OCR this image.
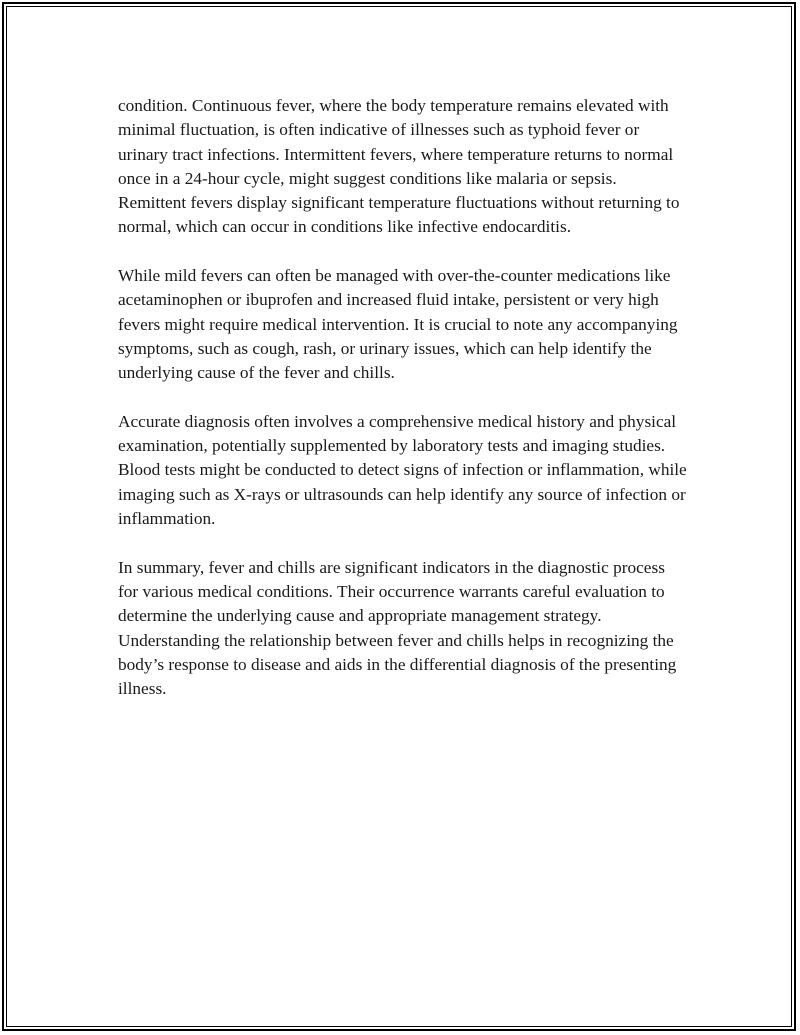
condition. Continuous fever, where the body temperature remains elevated with minimal fluctuation, is often indicative of illnesses such as typhoid fever or urinary tract infections. Intermittent fevers, where temperature returns to normal once in a 24-hour cycle, might suggest conditions like malaria or sepsis. Remittent fevers display significant temperature fluctuations without returning to normal, which can occur in conditions like infective endocarditis.

While mild fevers can often be managed with over-the-counter medications like acetaminophen or ibuprofen and increased fluid intake, persistent or very high fevers might require medical intervention. It is crucial to note any accompanying symptoms, such as cough, rash, or urinary issues, which can help identify the underlying cause of the fever and chills.

Accurate diagnosis often involves a comprehensive medical history and physical examination, potentially supplemented by laboratory tests and imaging studies. Blood tests might be conducted to detect signs of infection or inflammation, while imaging such as X-rays or ultrasounds can help identify any source of infection or inflammation.

In summary, fever and chills are significant indicators in the diagnostic process for various medical conditions. Their occurrence warrants careful evaluation to determine the underlying cause and appropriate management strategy. Understanding the relationship between fever and chills helps in recognizing the body’s response to disease and aids in the differential diagnosis of the presenting illness.
